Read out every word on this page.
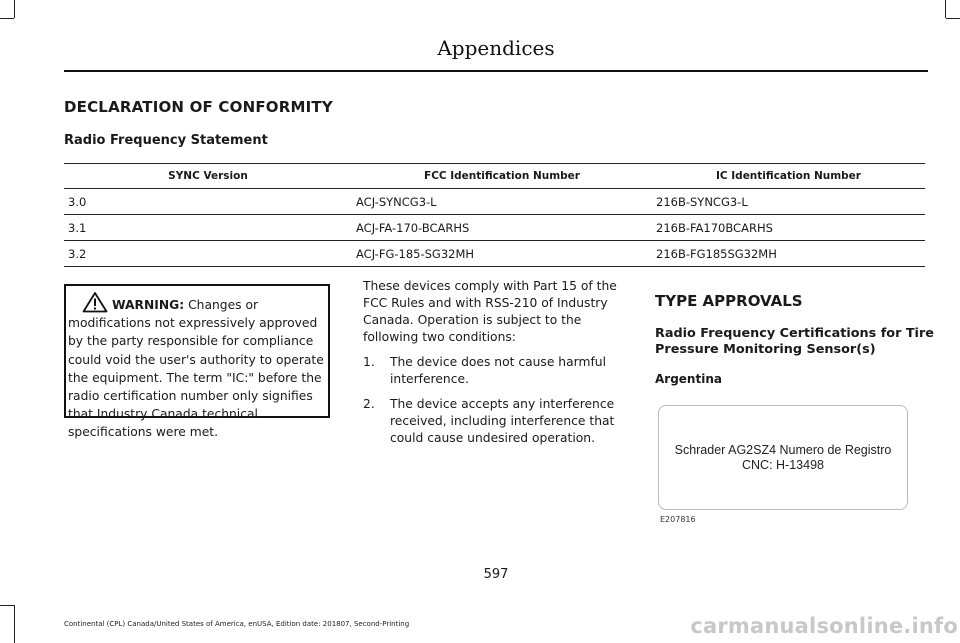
Appendices
DECLARATION OF CONFORMITY
Radio Frequency Statement
SYNC Version	FCC Identification Number	IC Identification Number
3.0	ACJ-SYNCG3-L	216B-SYNCG3-L
3.1	ACJ-FA-170-BCARHS	216B-FA170BCARHS
3.2	ACJ-FG-185-SG32MH	216B-FG185SG32MH
WARNING: Changes or modifications not expressively approved by the party responsible for compliance could void the user's authority to operate the equipment. The term "IC:" before the radio certification number only signifies that Industry Canada technical specifications were met.

These devices comply with Part 15 of the FCC Rules and with RSS-210 of Industry Canada. Operation is subject to the following two conditions:

1. The device does not cause harmful interference.
2. The device accepts any interference received, including interference that could cause undesired operation.
TYPE APPROVALS
Radio Frequency Certifications for Tire Pressure Monitoring Sensor(s)
Argentina
Schrader AG2SZ4 Numero de Registro
CNC: H-13498
E207816
597
Continental (CPL) Canada/United States of America, enUSA, Edition date: 201807, Second-Printing	carmanualsonline.info
